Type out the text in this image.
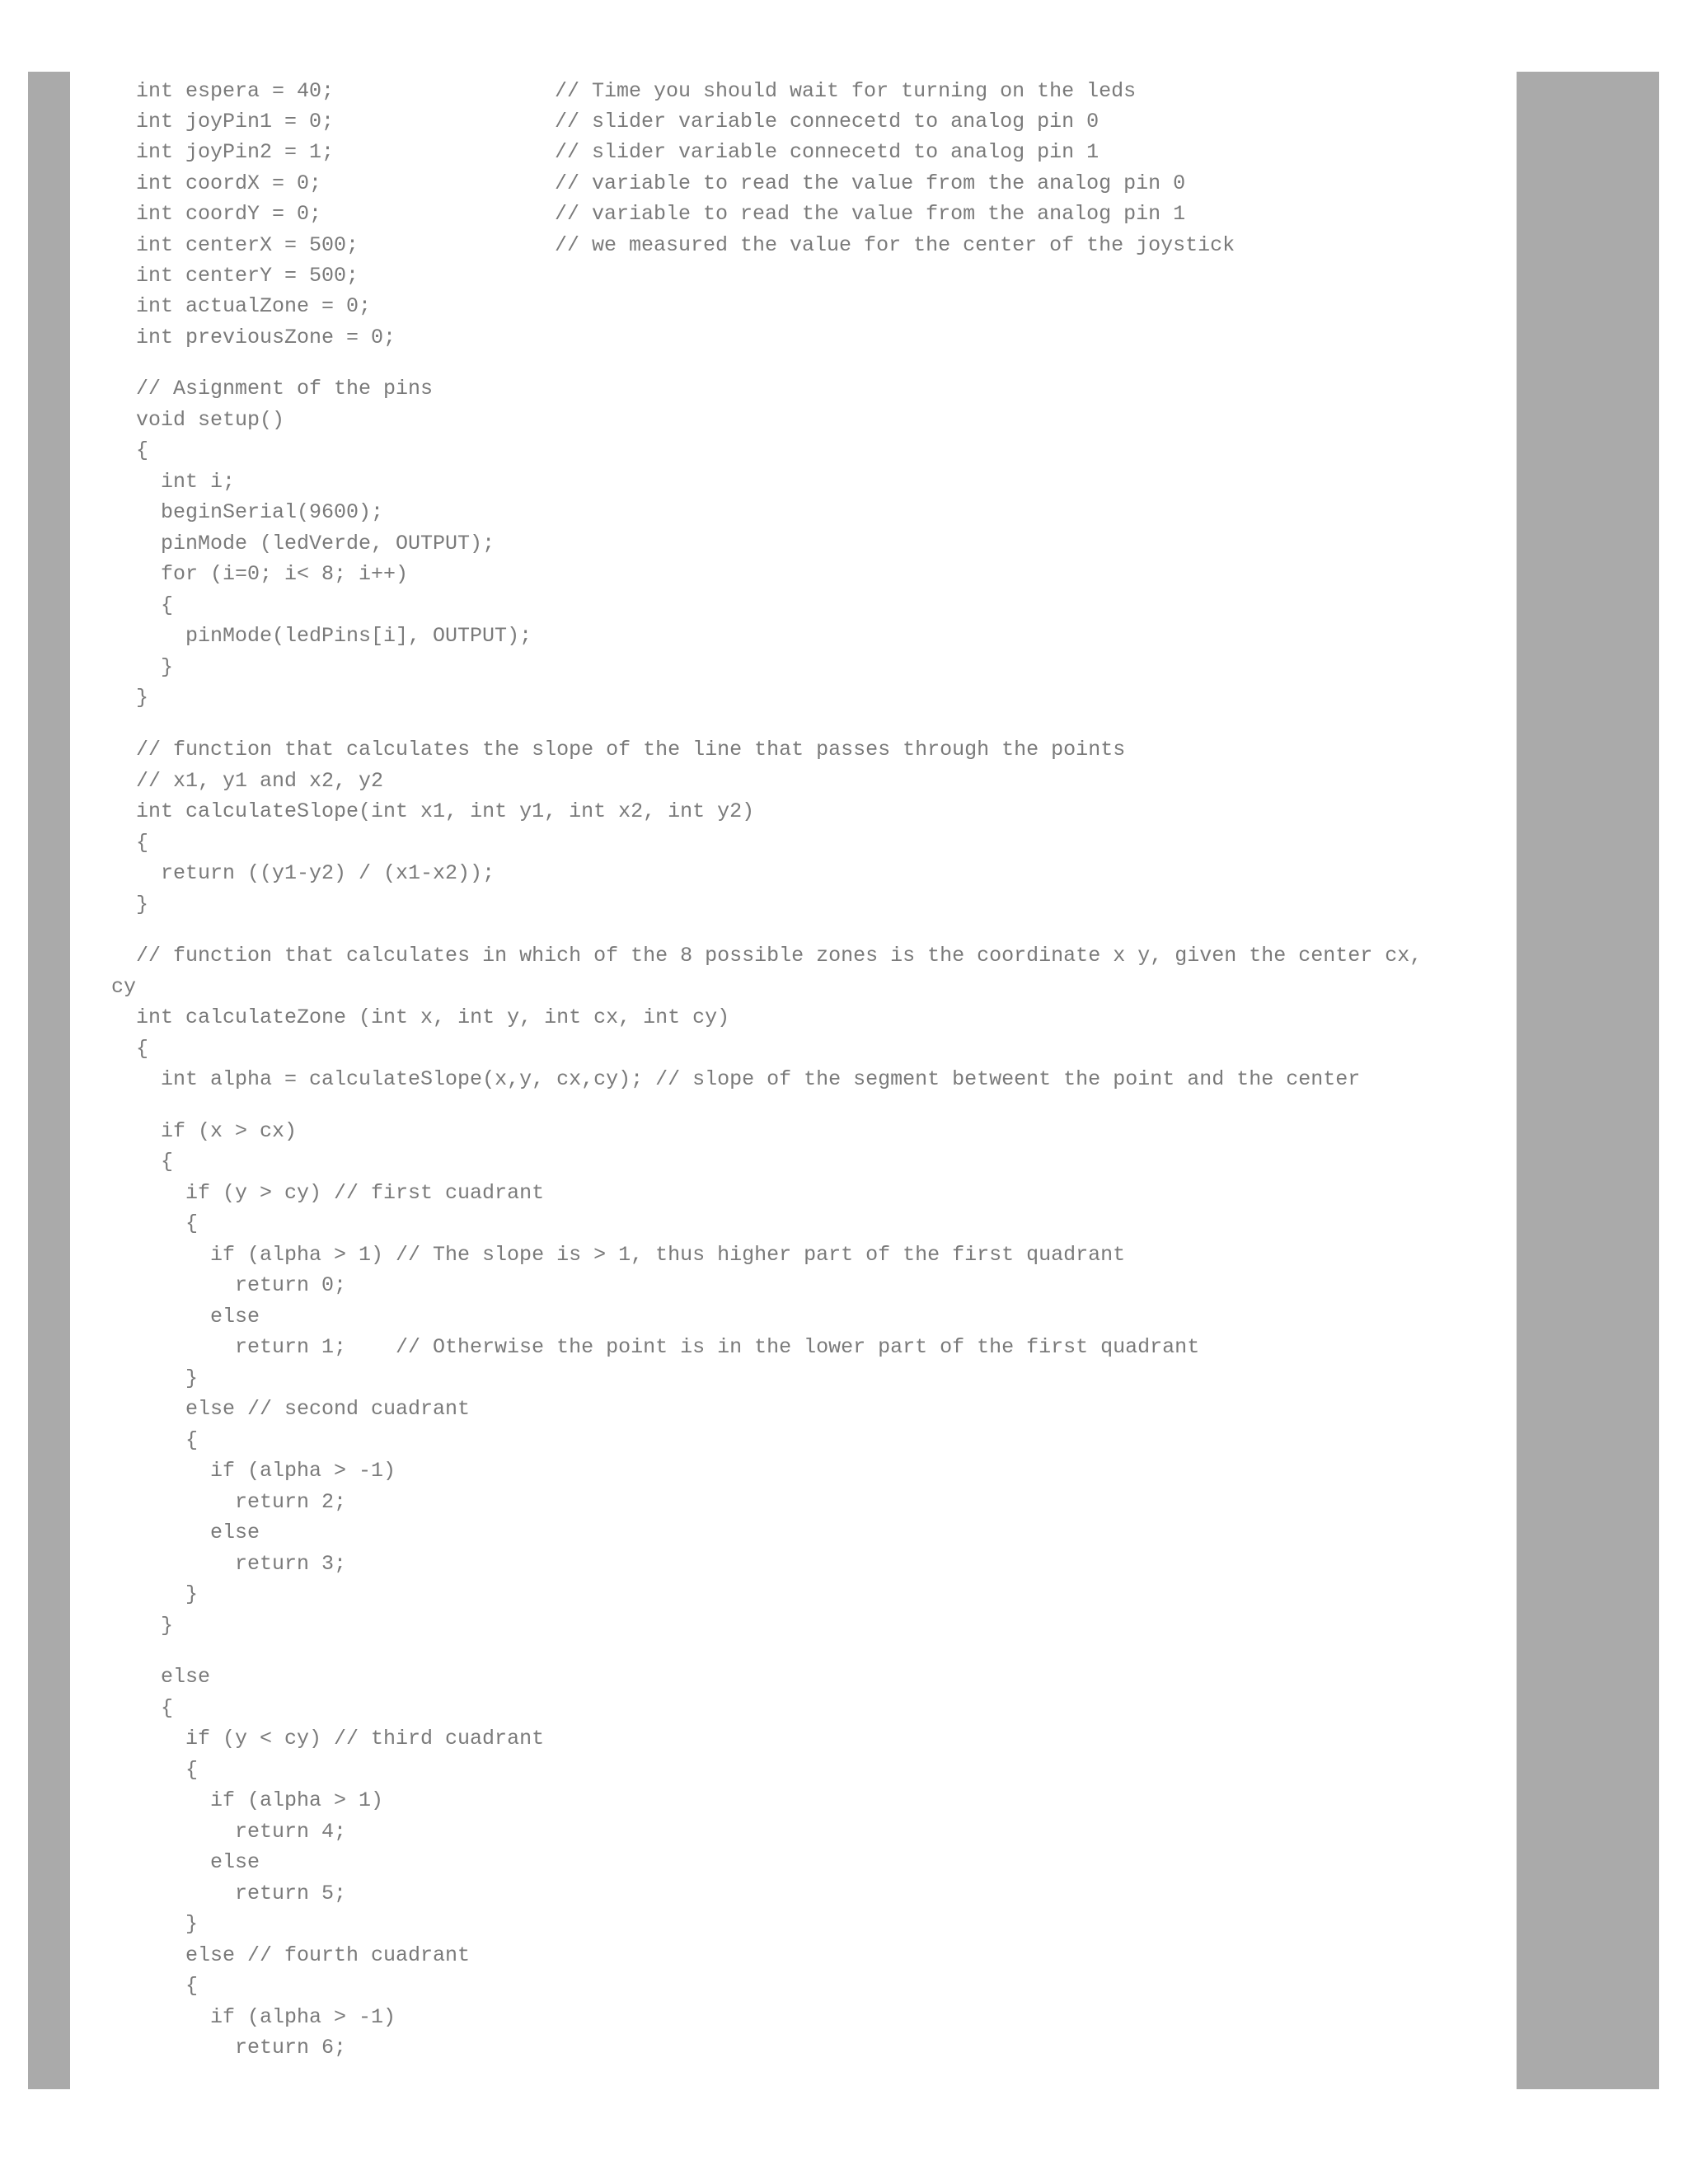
int espera = 40;	// Time you should wait for turning on the leds
int joyPin1 = 0;	// slider variable connecetd to analog pin 0
int joyPin2 = 1;	// slider variable connecetd to analog pin 1
int coordX = 0;	// variable to read the value from the analog pin 0
int coordY = 0;	// variable to read the value from the analog pin 1
int centerX = 500;	// we measured the value for the center of the joystick
int centerY = 500;
int actualZone = 0;
int previousZone = 0;
// Asignment of the pins
void setup()
{
int i;
beginSerial(9600);
pinMode (ledVerde, OUTPUT);
for (i=0; i< 8; i++)
{
pinMode(ledPins[i], OUTPUT);
}
}
// function that calculates the slope of the line that passes through the points
// x1, y1 and x2, y2
int calculateSlope(int x1, int y1, int x2, int y2)
{
return ((y1-y2) / (x1-x2));
}
// function that calculates in which of the 8 possible zones is the coordinate x y, given the center cx,
cy
int calculateZone (int x, int y, int cx, int cy)
{
int alpha = calculateSlope(x,y, cx,cy); // slope of the segment betweent the point and the center
if (x > cx)
{
if (y > cy) // first cuadrant
{
if (alpha > 1) // The slope is > 1, thus higher part of the first quadrant
return 0;
else
return 1;    // Otherwise the point is in the lower part of the first quadrant
}
else // second cuadrant
{
if (alpha > -1)
return 2;
else
return 3;
}
}
else
{
if (y < cy) // third cuadrant
{
if (alpha > 1)
return 4;
else
return 5;
}
else // fourth cuadrant
{
if (alpha > -1)
return 6;
